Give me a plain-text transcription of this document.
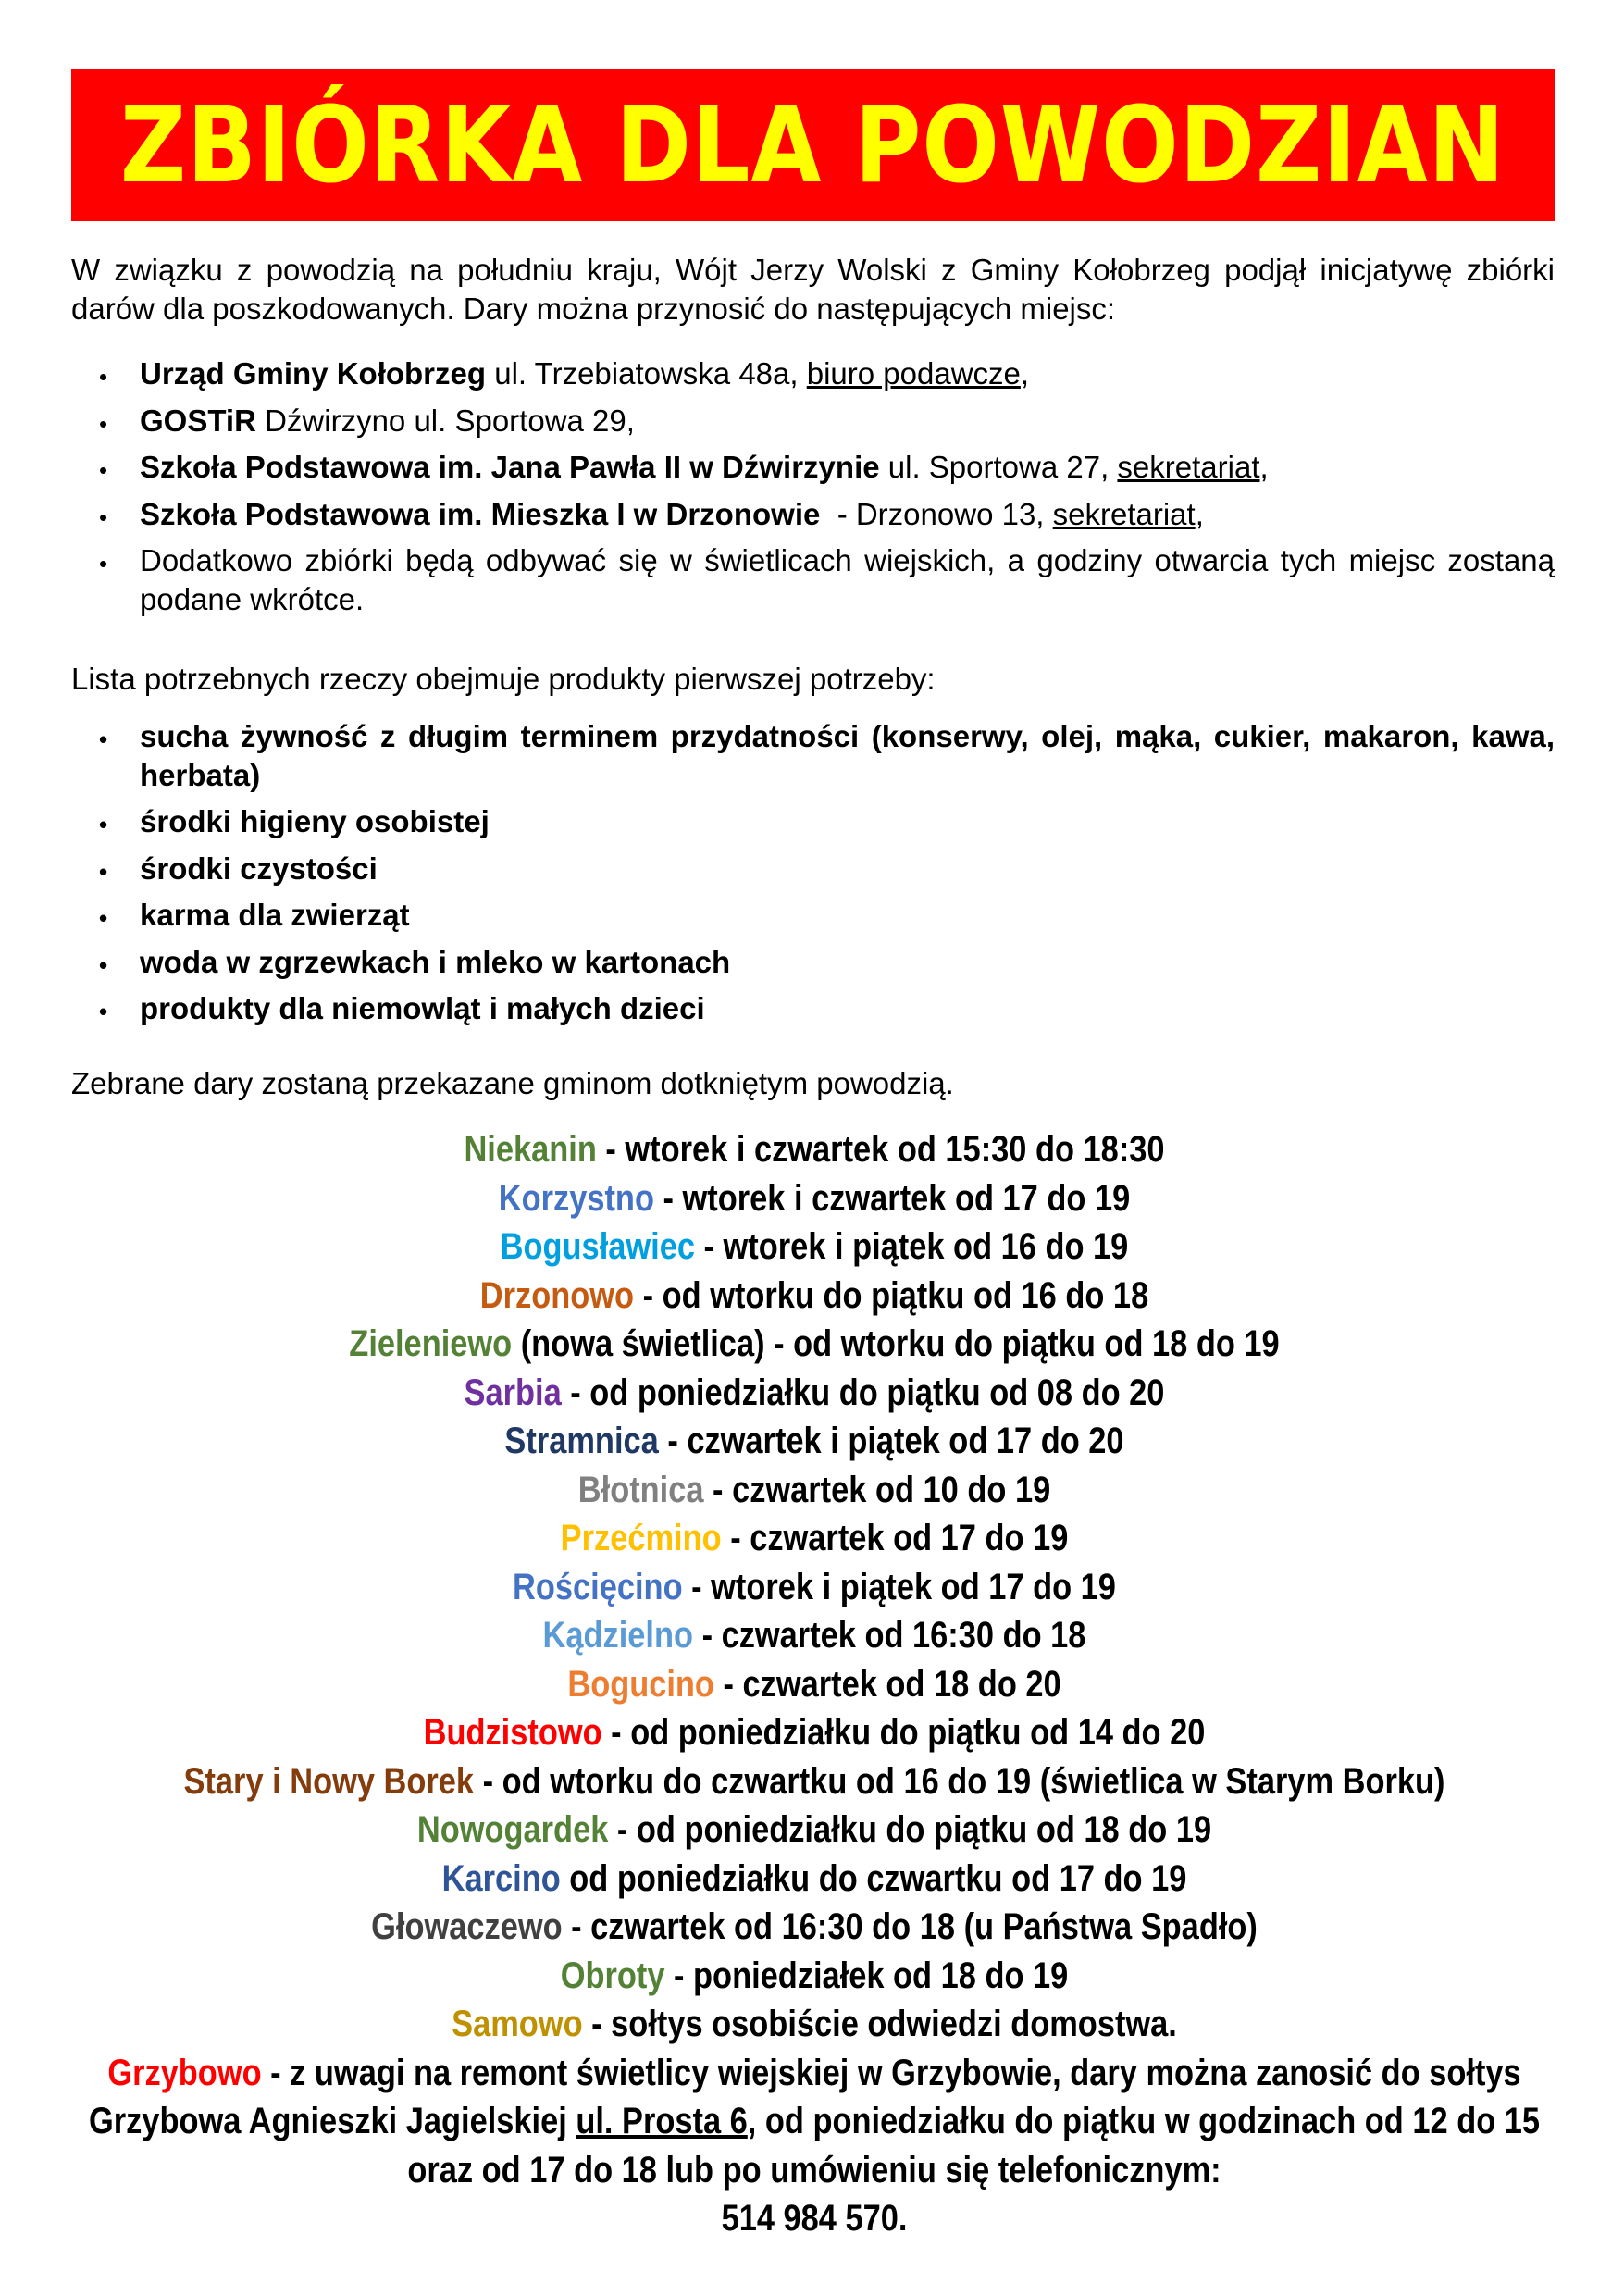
ZBIÓRKA DLA POWODZIAN

W związku z powodzią na południu kraju, Wójt Jerzy Wolski z Gminy Kołobrzeg podjął inicjatywę zbiórki darów dla poszkodowanych. Dary można przynosić do następujących miejsc:

• Urząd Gminy Kołobrzeg ul. Trzebiatowska 48a, biuro podawcze,
• GOSTiR Dźwirzyno ul. Sportowa 29,
• Szkoła Podstawowa im. Jana Pawła II w Dźwirzynie ul. Sportowa 27, sekretariat,
• Szkoła Podstawowa im. Mieszka I w Drzonowie  - Drzonowo 13, sekretariat,
• Dodatkowo zbiórki będą odbywać się w świetlicach wiejskich, a godziny otwarcia tych miejsc zostaną podane wkrótce.

Lista potrzebnych rzeczy obejmuje produkty pierwszej potrzeby:

• sucha żywność z długim terminem przydatności (konserwy, olej, mąka, cukier, makaron, kawa, herbata)
• środki higieny osobistej
• środki czystości
• karma dla zwierząt
• woda w zgrzewkach i mleko w kartonach
• produkty dla niemowląt i małych dzieci

Zebrane dary zostaną przekazane gminom dotkniętym powodzią.

Niekanin - wtorek i czwartek od 15:30 do 18:30
Korzystno - wtorek i czwartek od 17 do 19
Bogusławiec - wtorek i piątek od 16 do 19
Drzonowo - od wtorku do piątku od 16 do 18
Zieleniewo (nowa świetlica) - od wtorku do piątku od 18 do 19
Sarbia - od poniedziałku do piątku od 08 do 20
Stramnica - czwartek i piątek od 17 do 20
Błotnica - czwartek od 10 do 19
Przećmino - czwartek od 17 do 19
Rościęcino - wtorek i piątek od 17 do 19
Kądzielno - czwartek od 16:30 do 18
Bogucino - czwartek od 18 do 20
Budzistowo - od poniedziałku do piątku od 14 do 20
Stary i Nowy Borek - od wtorku do czwartku od 16 do 19 (świetlica w Starym Borku)
Nowogardek - od poniedziałku do piątku od 18 do 19
Karcino od poniedziałku do czwartku od 17 do 19
Głowaczewo - czwartek od 16:30 do 18 (u Państwa Spadło)
Obroty - poniedziałek od 18 do 19
Samowo - sołtys osobiście odwiedzi domostwa.
Grzybowo - z uwagi na remont świetlicy wiejskiej w Grzybowie, dary można zanosić do sołtys Grzybowa Agnieszki Jagielskiej ul. Prosta 6, od poniedziałku do piątku w godzinach od 12 do 15 oraz od 17 do 18 lub po umówieniu się telefonicznym:
514 984 570.
